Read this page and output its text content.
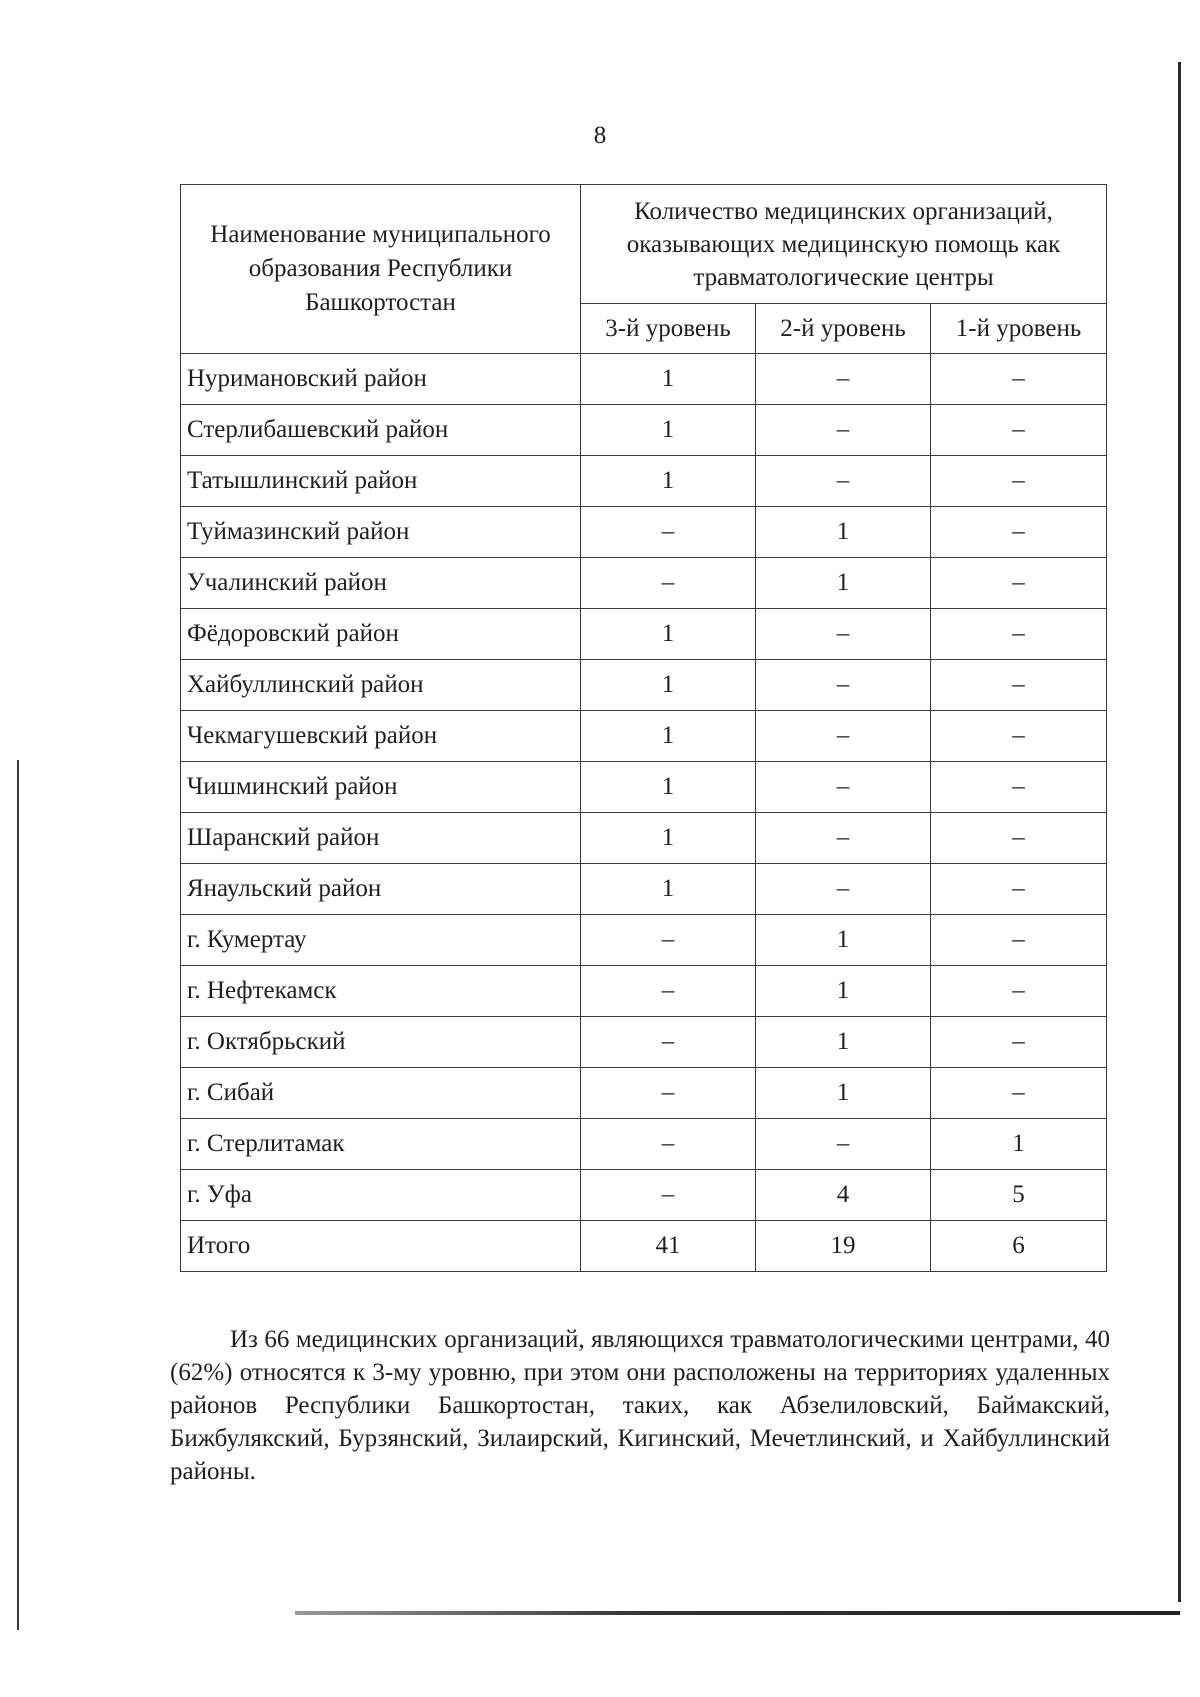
8
Наименование муниципального образования Республики Башкортостан	Количество медицинских организаций, оказывающих медицинскую помощь как травматологические центры		
	3-й уровень	2-й уровень	1-й уровень
Нуримановский район	1	–	–
Стерлибашевский район	1	–	–
Татышлинский район	1	–	–
Туймазинский район	–	1	–
Учалинский район	–	1	–
Фёдоровский район	1	–	–
Хайбуллинский район	1	–	–
Чекмагушевский район	1	–	–
Чишминский район	1	–	–
Шаранский район	1	–	–
Янаульский район	1	–	–
г. Кумертау	–	1	–
г. Нефтекамск	–	1	–
г. Октябрьский	–	1	–
г. Сибай	–	1	–
г. Стерлитамак	–	–	1
г. Уфа	–	4	5
Итого	41	19	6

Из 66 медицинских организаций, являющихся травматологическими центрами, 40 (62%) относятся к 3-му уровню, при этом они расположены на территориях удаленных районов Республики Башкортостан, таких, как Абзелиловский, Баймакский, Бижбулякский, Бурзянский, Зилаирский, Кигинский, Мечетлинский, и Хайбуллинский районы.
